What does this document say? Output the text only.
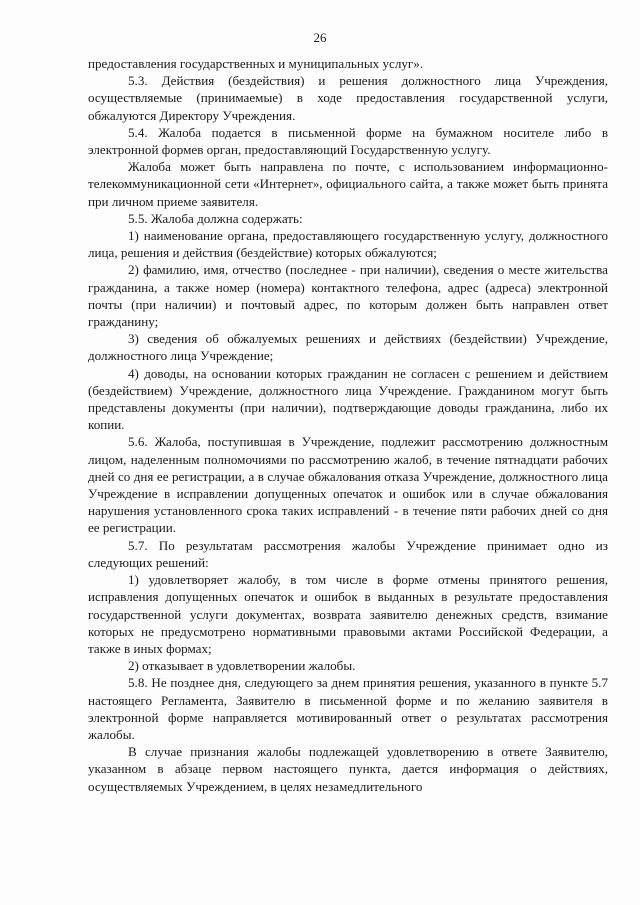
26

предоставления государственных и муниципальных услуг».

5.3. Действия (бездействия) и решения должностного лица Учреждения, осуществляемые (принимаемые) в ходе предоставления государственной услуги, обжалуются Директору Учреждения.

5.4. Жалоба подается в письменной форме на бумажном носителе либо в электронной формев орган, предоставляющий Государственную услугу.

Жалоба может быть направлена по почте, с использованием информационно-телекоммуникационной сети «Интернет», официального сайта, а также может быть принята при личном приеме заявителя.

5.5. Жалоба должна содержать:

1) наименование органа, предоставляющего государственную услугу, должностного лица, решения и действия (бездействие) которых обжалуются;

2) фамилию, имя, отчество (последнее - при наличии), сведения о месте жительства гражданина, а также номер (номера) контактного телефона, адрес (адреса) электронной почты (при наличии) и почтовый адрес, по которым должен быть направлен ответ гражданину;

3) сведения об обжалуемых решениях и действиях (бездействии) Учреждение, должностного лица Учреждение;

4) доводы, на основании которых гражданин не согласен с решением и действием (бездействием) Учреждение, должностного лица Учреждение. Гражданином могут быть представлены документы (при наличии), подтверждающие доводы гражданина, либо их копии.

5.6. Жалоба, поступившая в Учреждение, подлежит рассмотрению должностным лицом, наделенным полномочиями по рассмотрению жалоб, в течение пятнадцати рабочих дней со дня ее регистрации, а в случае обжалования отказа Учреждение, должностного лица Учреждение в исправлении допущенных опечаток и ошибок или в случае обжалования нарушения установленного срока таких исправлений - в течение пяти рабочих дней со дня ее регистрации.

5.7. По результатам рассмотрения жалобы Учреждение принимает одно из следующих решений:

1) удовлетворяет жалобу, в том числе в форме отмены принятого решения, исправления допущенных опечаток и ошибок в выданных в результате предоставления государственной услуги документах, возврата заявителю денежных средств, взимание которых не предусмотрено нормативными правовыми актами Российской Федерации, а также в иных формах;

2) отказывает в удовлетворении жалобы.

5.8. Не позднее дня, следующего за днем принятия решения, указанного в пункте 5.7 настоящего Регламента, Заявителю в письменной форме и по желанию заявителя в электронной форме направляется мотивированный ответ о результатах рассмотрения жалобы.

В случае признания жалобы подлежащей удовлетворению в ответе Заявителю, указанном в абзаце первом настоящего пункта, дается информация о действиях, осуществляемых Учреждением, в целях незамедлительного
